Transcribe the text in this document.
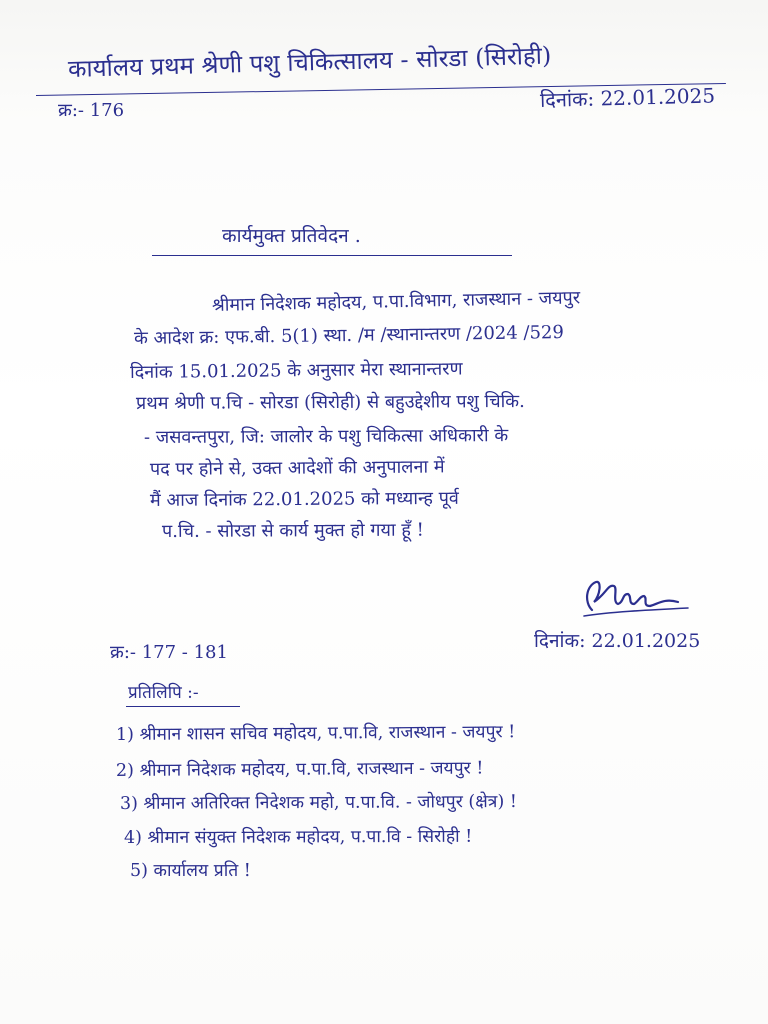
कार्यालय प्रथम श्रेणी पशु चिकित्सालय - सोरडा (सिरोही)
क्र:- 176	दिनांक: 22.01.2025
कार्यमुक्त प्रतिवेदन .
श्रीमान निदेशक महोदय, प.पा.विभाग, राजस्थान - जयपुर
के आदेश क्र: एफ.बी. 5(1) स्था. /म /स्थानान्तरण /2024 /529
दिनांक 15.01.2025 के अनुसार मेरा स्थानान्तरण
प्रथम श्रेणी प.चि - सोरडा (सिरोही) से बहुउद्देशीय पशु चिकि.
- जसवन्तपुरा, जि: जालोर के पशु चिकित्सा अधिकारी के
पद पर होने से, उक्त आदेशों की अनुपालना में
मैं आज दिनांक 22.01.2025 को मध्यान्ह पूर्व
प.चि. - सोरडा से कार्य मुक्त हो गया हूँ !
क्र:- 177 - 181
दिनांक: 22.01.2025
प्रतिलिपि :-
1) श्रीमान शासन सचिव महोदय, प.पा.वि, राजस्थान - जयपुर !
2) श्रीमान निदेशक महोदय, प.पा.वि, राजस्थान - जयपुर !
3) श्रीमान अतिरिक्त निदेशक महो, प.पा.वि. - जोधपुर (क्षेत्र) !
4) श्रीमान संयुक्त निदेशक महोदय, प.पा.वि - सिरोही !
5) कार्यालय प्रति !
